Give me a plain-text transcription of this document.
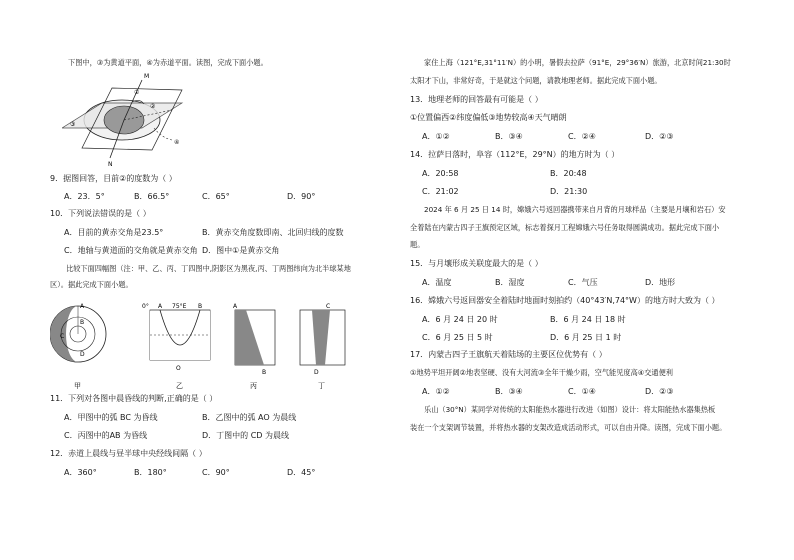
下图中，③为黄道平面，④为赤道平面。读图，完成下面小题。
M
N
①
②
③
④
9．据图回答，目前②的度数为（ ）
A．23．5°	B．66.5°	C．65°	D．90°
10．下列说法错误的是（ ）
A．目前的黄赤交角是23.5°	B．黄赤交角度数即南、北回归线的度数
C．地轴与黄道面的交角就是黄赤交角 D．图中①是黄赤交角
比较下面四幅图（注：甲、乙、丙、丁四图中,阴影区为黑夜,丙、丁两图纬向为北半球某地
区）。据此完成下面小题。
A
B
C
D
0° A 75°E B
O
A
B
C
D
甲	乙	丙	丁
11．下列对各图中晨昏线的判断,正确的是（ ）
A．甲图中的弧 BC 为昏线	B．乙图中的弧 AO 为晨线
C．丙图中的AB 为昏线	D．丁图中的 CD 为晨线
12．赤道上晨线与昼半球中央经线间隔（ ）
A．360°	B．180°	C．90°	D．45°
家住上海（121°E,31°11′N）的小明，暑假去拉萨（91°E，29°36′N）旅游，北京时间21:30时
太阳才下山，非常好奇，于是就这个问题，请教地理老师。据此完成下面小题。
13．地理老师的回答最有可能是（ ）
①位置偏西②纬度偏低③地势较高④天气晴朗
A．①②	B．③④	C．②④	D．②③
14．拉萨日落时，阜容（112°E，29°N）的地方时为（ ）
A．20:58	B．20:48
C．21:02	D．21:30
2024 年 6 月 25 日 14 时，嫦娥六号返回器携带来自月背的月球样品（主要是月壤和岩石）安
全着陆在内蒙古四子王旗预定区域，标志着探月工程嫦娥六号任务取得圆满成功。据此完成下面小
题。
15．与月壤形成关联度最大的是（ ）
A．温度	B．湿度	C．气压	D．地形
16．嫦娥六号返回器安全着陆时地面时刻拍约（40°43′N,74°W）的地方时大致为（ ）
A．6 月 24 日 20 时	B．6 月 24 日 18 时
C．6 月 25 日 5 时	D．6 月 25 日 1 时
17．内蒙古四子王旗航天着陆场的主要区位优势有（ ）
①地势平坦开阔②地表坚硬、没有大河流③全年干燥少雨，空气能见度高④交通便利
A．①②	B．③④	C．①④	D．②③
乐山（30°N）某同学对传统的太阳能热水器进行改进（如图）设计：将太阳能热水器集热板
装在一个支架调节装置，并将热水器的支架改造成活动形式，可以自由升降。读图，完成下面小题。
